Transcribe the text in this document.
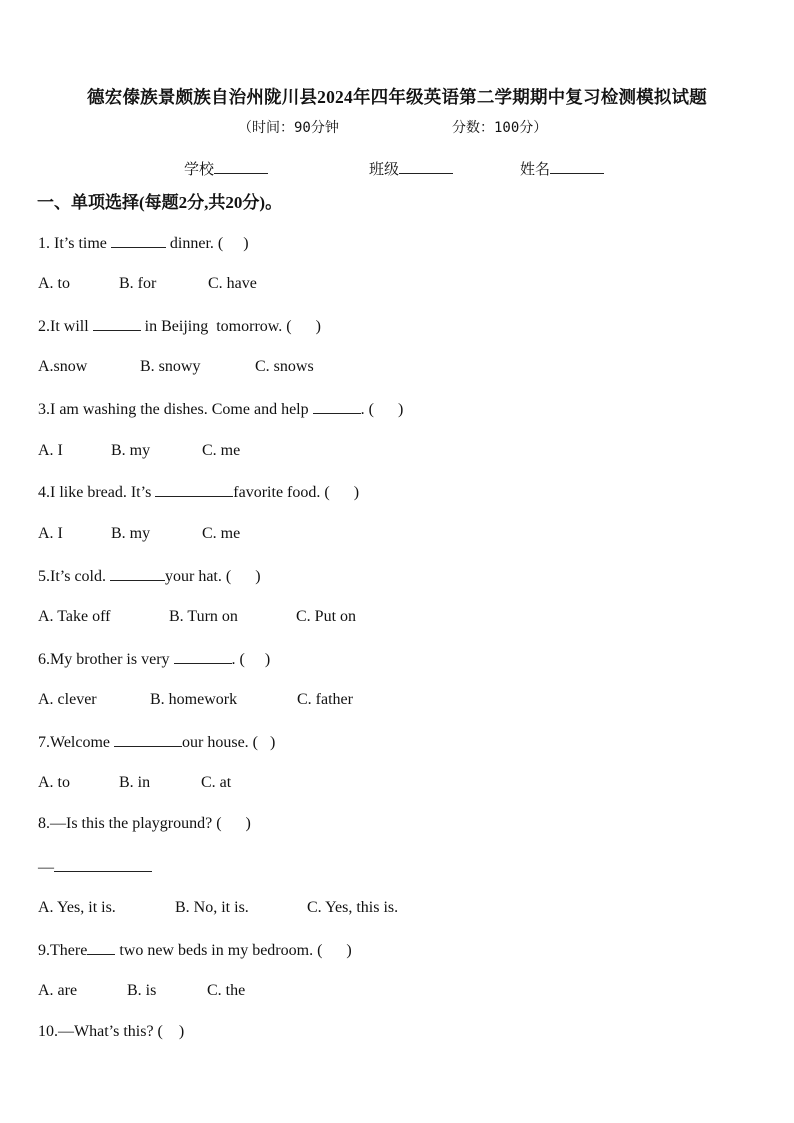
德宏傣族景颇族自治州陇川县2024年四年级英语第二学期期中复习检测模拟试题
（时间：90分钟	分数：100分）
学校	班级	姓名
一、单项选择(每题2分,共20分)。
1. It’s time	dinner. (     )
A. to	B. for	C. have
2.It will	in Beijing  tomorrow. (      )
A.snow	B. snowy	C. snows
3.I am washing the dishes. Come and help	. (      )
A. I	B. my	C. me
4.I like bread. It’s	favorite food. (      )
A. I	B. my	C. me
5.It’s cold.	your hat. (      )
A. Take off	B. Turn on	C. Put on
6.My brother is very	. (     )
A. clever	B. homework	C. father
7.Welcome	our house. (   )
A. to	B. in	C. at
8.—Is this the playground? (      )
—
A. Yes, it is.	B. No, it is.	C. Yes, this is.
9.There two new beds in my bedroom. (      )
A. are	B. is	C. the
10.—What’s this? (    )
